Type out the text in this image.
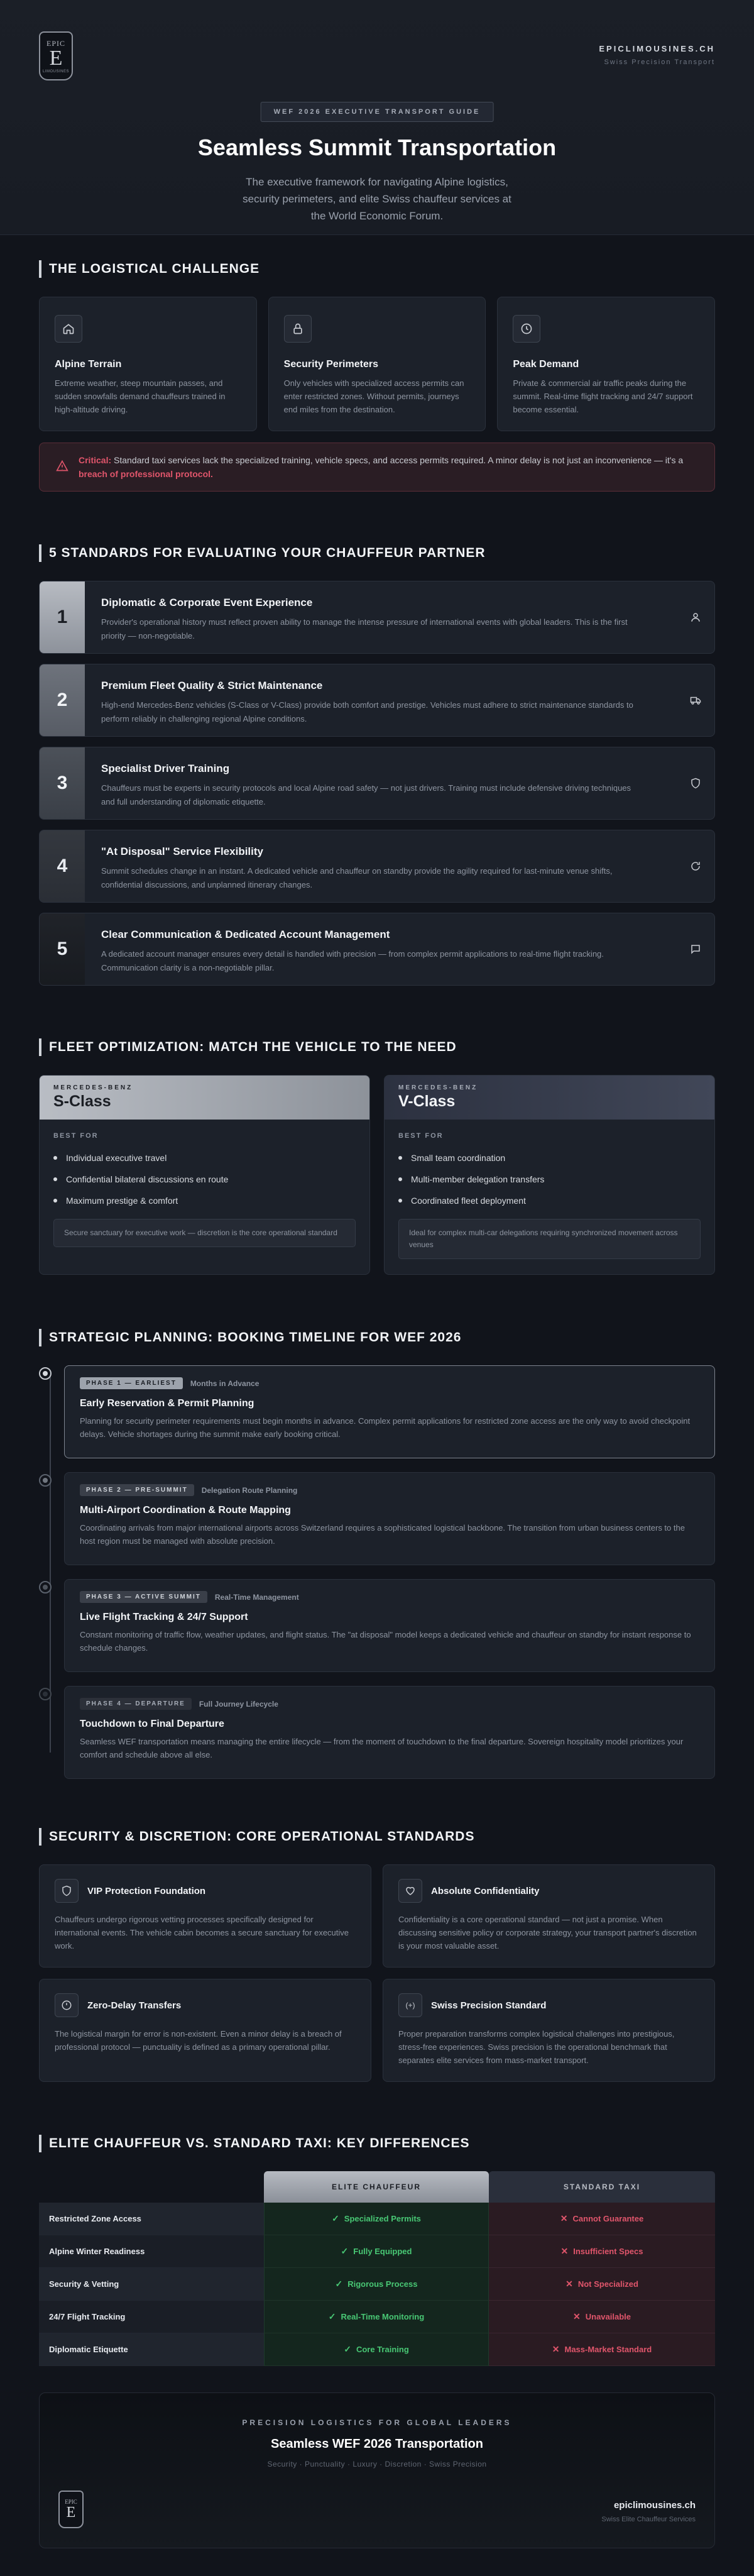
EPIC
E
LIMOUSINES
EPICLIMOUSINES.CH
Swiss Precision Transport
WEF 2026 EXECUTIVE TRANSPORT GUIDE
Seamless Summit Transportation

The executive framework for navigating Alpine logistics, security perimeters, and elite Swiss chauffeur services at the World Economic Forum.

THE LOGISTICAL CHALLENGE
Alpine Terrain

Extreme weather, steep mountain passes, and sudden snowfalls demand chauffeurs trained in high-altitude driving.

Security Perimeters

Only vehicles with specialized access permits can enter restricted zones. Without permits, journeys end miles from the destination.

Peak Demand

Private & commercial air traffic peaks during the summit. Real-time flight tracking and 24/7 support become essential.

Critical: Standard taxi services lack the specialized training, vehicle specs, and access permits required. A minor delay is not just an inconvenience — it's a breach of professional protocol.

5 STANDARDS FOR EVALUATING YOUR CHAUFFEUR PARTNER
1
Diplomatic & Corporate Event Experience

Provider's operational history must reflect proven ability to manage the intense pressure of international events with global leaders. This is the first priority — non-negotiable.

2
Premium Fleet Quality & Strict Maintenance

High-end Mercedes-Benz vehicles (S-Class or V-Class) provide both comfort and prestige. Vehicles must adhere to strict maintenance standards to perform reliably in challenging regional Alpine conditions.

3
Specialist Driver Training

Chauffeurs must be experts in security protocols and local Alpine road safety — not just drivers. Training must include defensive driving techniques and full understanding of diplomatic etiquette.

4
"At Disposal" Service Flexibility

Summit schedules change in an instant. A dedicated vehicle and chauffeur on standby provide the agility required for last-minute venue shifts, confidential discussions, and unplanned itinerary changes.

5
Clear Communication & Dedicated Account Management

A dedicated account manager ensures every detail is handled with precision — from complex permit applications to real-time flight tracking. Communication clarity is a non-negotiable pillar.

FLEET OPTIMIZATION: MATCH THE VEHICLE TO THE NEED
MERCEDES-BENZ
S-Class
BEST FOR
Individual executive travel
Confidential bilateral discussions en route
Maximum prestige & comfort
Secure sanctuary for executive work — discretion is the core operational standard
MERCEDES-BENZ
V-Class
BEST FOR
Small team coordination
Multi-member delegation transfers
Coordinated fleet deployment
Ideal for complex multi-car delegations requiring synchronized movement across venues
STRATEGIC PLANNING: BOOKING TIMELINE FOR WEF 2026
PHASE 1 — EARLIEST	Months in Advance
Early Reservation & Permit Planning

Planning for security perimeter requirements must begin months in advance. Complex permit applications for restricted zone access are the only way to avoid checkpoint delays. Vehicle shortages during the summit make early booking critical.

PHASE 2 — PRE-SUMMIT	Delegation Route Planning
Multi-Airport Coordination & Route Mapping

Coordinating arrivals from major international airports across Switzerland requires a sophisticated logistical backbone. The transition from urban business centers to the host region must be managed with absolute precision.

PHASE 3 — ACTIVE SUMMIT	Real-Time Management
Live Flight Tracking & 24/7 Support

Constant monitoring of traffic flow, weather updates, and flight status. The "at disposal" model keeps a dedicated vehicle and chauffeur on standby for instant response to schedule changes.

PHASE 4 — DEPARTURE	Full Journey Lifecycle
Touchdown to Final Departure

Seamless WEF transportation means managing the entire lifecycle — from the moment of touchdown to the final departure. Sovereign hospitality model prioritizes your comfort and schedule above all else.

SECURITY & DISCRETION: CORE OPERATIONAL STANDARDS
VIP Protection Foundation

Chauffeurs undergo rigorous vetting processes specifically designed for international events. The vehicle cabin becomes a secure sanctuary for executive work.

Absolute Confidentiality

Confidentiality is a core operational standard — not just a promise. When discussing sensitive policy or corporate strategy, your transport partner's discretion is your most valuable asset.

Zero-Delay Transfers

The logistical margin for error is non-existent. Even a minor delay is a breach of professional protocol — punctuality is defined as a primary operational pillar.

(+)	Swiss Precision Standard

Proper preparation transforms complex logistical challenges into prestigious, stress-free experiences. Swiss precision is the operational benchmark that separates elite services from mass-market transport.

ELITE CHAUFFEUR VS. STANDARD TAXI: KEY DIFFERENCES
ELITE CHAUFFEUR	STANDARD TAXI
Restricted Zone Access	✓ Specialized Permits	✕ Cannot Guarantee
Alpine Winter Readiness	✓ Fully Equipped	✕ Insufficient Specs
Security & Vetting	✓ Rigorous Process	✕ Not Specialized
24/7 Flight Tracking	✓ Real-Time Monitoring	✕ Unavailable
Diplomatic Etiquette	✓ Core Training	✕ Mass-Market Standard
PRECISION LOGISTICS FOR GLOBAL LEADERS
Seamless WEF 2026 Transportation
Security · Punctuality · Luxury · Discretion · Swiss Precision
EPIC
E	epiclimousines.ch
Swiss Elite Chauffeur Services
